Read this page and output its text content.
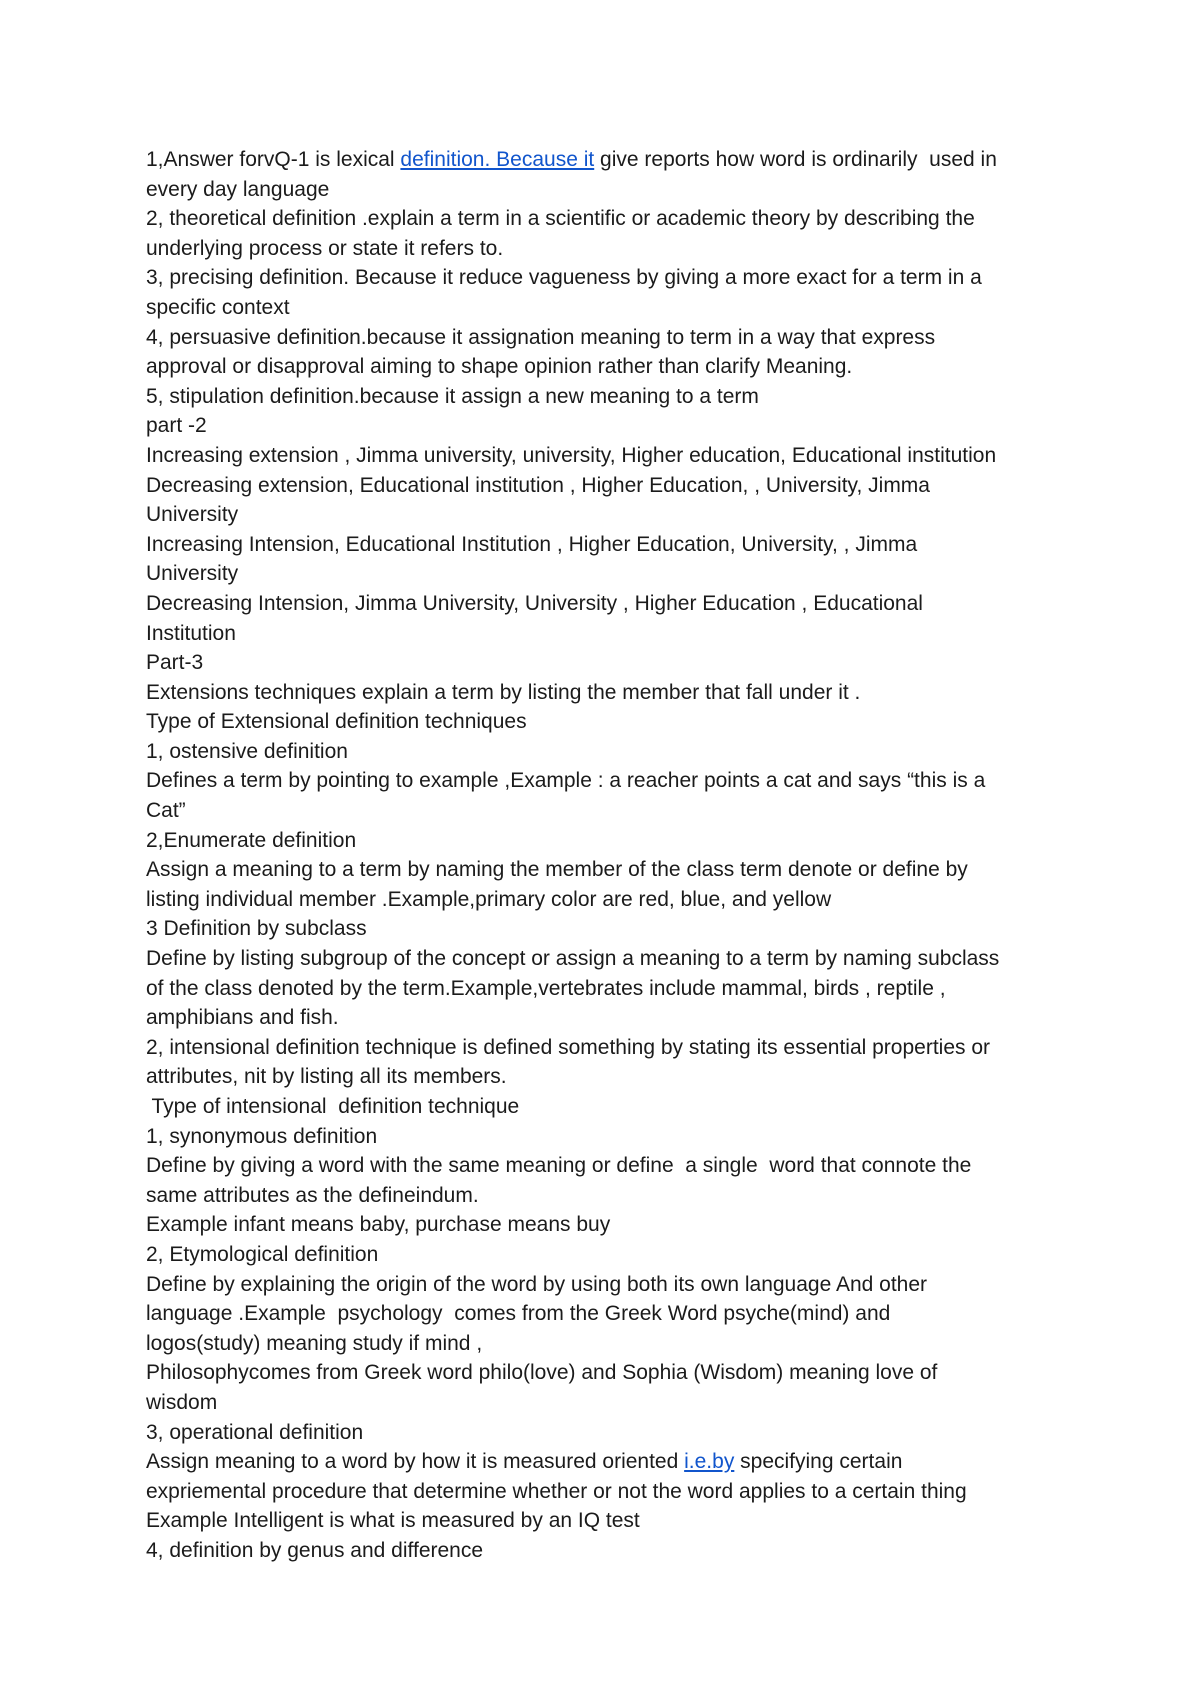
1,Answer forvQ-1 is lexical definition. Because it give reports how word is ordinarily  used in
every day language
2, theoretical definition .explain a term in a scientific or academic theory by describing the
underlying process or state it refers to.
3, precising definition. Because it reduce vagueness by giving a more exact for a term in a
specific context
4, persuasive definition.because it assignation meaning to term in a way that express
approval or disapproval aiming to shape opinion rather than clarify Meaning.
5, stipulation definition.because it assign a new meaning to a term
part -2
Increasing extension , Jimma university, university, Higher education, Educational institution
Decreasing extension, Educational institution , Higher Education, , University, Jimma
University
Increasing Intension, Educational Institution , Higher Education, University, , Jimma
University
Decreasing Intension, Jimma University, University , Higher Education , Educational
Institution
Part-3
Extensions techniques explain a term by listing the member that fall under it .
Type of Extensional definition techniques
1, ostensive definition
Defines a term by pointing to example ,Example : a reacher points a cat and says “this is a
Cat”
2,Enumerate definition
Assign a meaning to a term by naming the member of the class term denote or define by
listing individual member .Example,primary color are red, blue, and yellow
3 Definition by subclass
Define by listing subgroup of the concept or assign a meaning to a term by naming subclass
of the class denoted by the term.Example,vertebrates include mammal, birds , reptile ,
amphibians and fish.
2, intensional definition technique is defined something by stating its essential properties or
attributes, nit by listing all its members.
Type of intensional  definition technique
1, synonymous definition
Define by giving a word with the same meaning or define  a single  word that connote the
same attributes as the defineindum.
Example infant means baby, purchase means buy
2, Etymological definition
Define by explaining the origin of the word by using both its own language And other
language .Example  psychology  comes from the Greek Word psyche(mind) and
logos(study) meaning study if mind ,
Philosophycomes from Greek word philo(love) and Sophia (Wisdom) meaning love of
wisdom
3, operational definition
Assign meaning to a word by how it is measured oriented i.e.by specifying certain
expriemental procedure that determine whether or not the word applies to a certain thing
Example Intelligent is what is measured by an IQ test
4, definition by genus and difference
